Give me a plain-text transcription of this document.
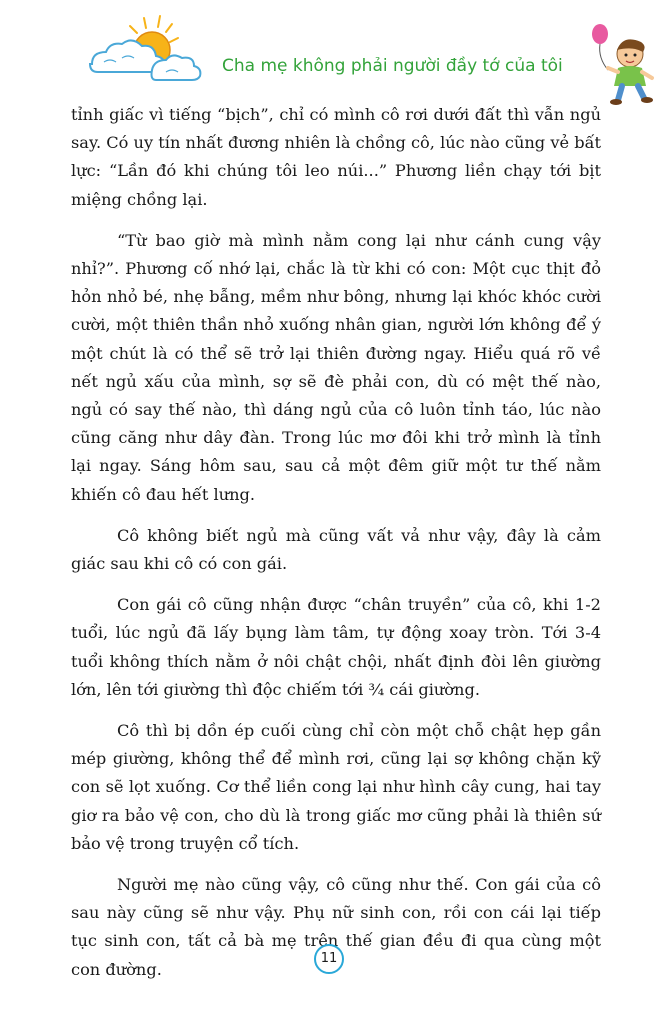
Cha mẹ không phải người đầy tớ của tôi

tỉnh giấc vì tiếng “bịch”, chỉ có mình cô rơi dưới đất thì vẫn ngủ say. Có uy tín nhất đương nhiên là chồng cô, lúc nào cũng vẻ bất lực: “Lần đó khi chúng tôi leo núi...” Phương liền chạy tới bịt miệng chồng lại.

“Từ bao giờ mà mình nằm cong lại như cánh cung vậy nhỉ?”. Phương cố nhớ lại, chắc là từ khi có con: Một cục thịt đỏ hỏn nhỏ bé, nhẹ bẫng, mềm như bông, nhưng lại khóc khóc cười cười, một thiên thần nhỏ xuống nhân gian, người lớn không để ý một chút là có thể sẽ trở lại thiên đường ngay. Hiểu quá rõ về nết ngủ xấu của mình, sợ sẽ đè phải con, dù có mệt thế nào, ngủ có say thế nào, thì dáng ngủ của cô luôn tỉnh táo, lúc nào cũng căng như dây đàn. Trong lúc mơ đôi khi trở mình là tỉnh lại ngay. Sáng hôm sau, sau cả một đêm giữ một tư thế nằm khiến cô đau hết lưng.

Cô không biết ngủ mà cũng vất vả như vậy, đây là cảm giác sau khi cô có con gái.

Con gái cô cũng nhận được “chân truyền” của cô, khi 1-2 tuổi, lúc ngủ đã lấy bụng làm tâm, tự động xoay tròn. Tới 3-4 tuổi không thích nằm ở nôi chật chội, nhất định đòi lên giường lớn, lên tới giường thì độc chiếm tới ¾ cái giường.

Cô thì bị dồn ép cuối cùng chỉ còn một chỗ chật hẹp gần mép giường, không thể để mình rơi, cũng lại sợ không chặn kỹ con sẽ lọt xuống. Cơ thể liền cong lại như hình cây cung, hai tay giơ ra bảo vệ con, cho dù là trong giấc mơ cũng phải là thiên sứ bảo vệ trong truyện cổ tích.

Người mẹ nào cũng vậy, cô cũng như thế. Con gái của cô sau này cũng sẽ như vậy. Phụ nữ sinh con, rồi con cái lại tiếp tục sinh con, tất cả bà mẹ trên thế gian đều đi qua cùng một con đường.

11
